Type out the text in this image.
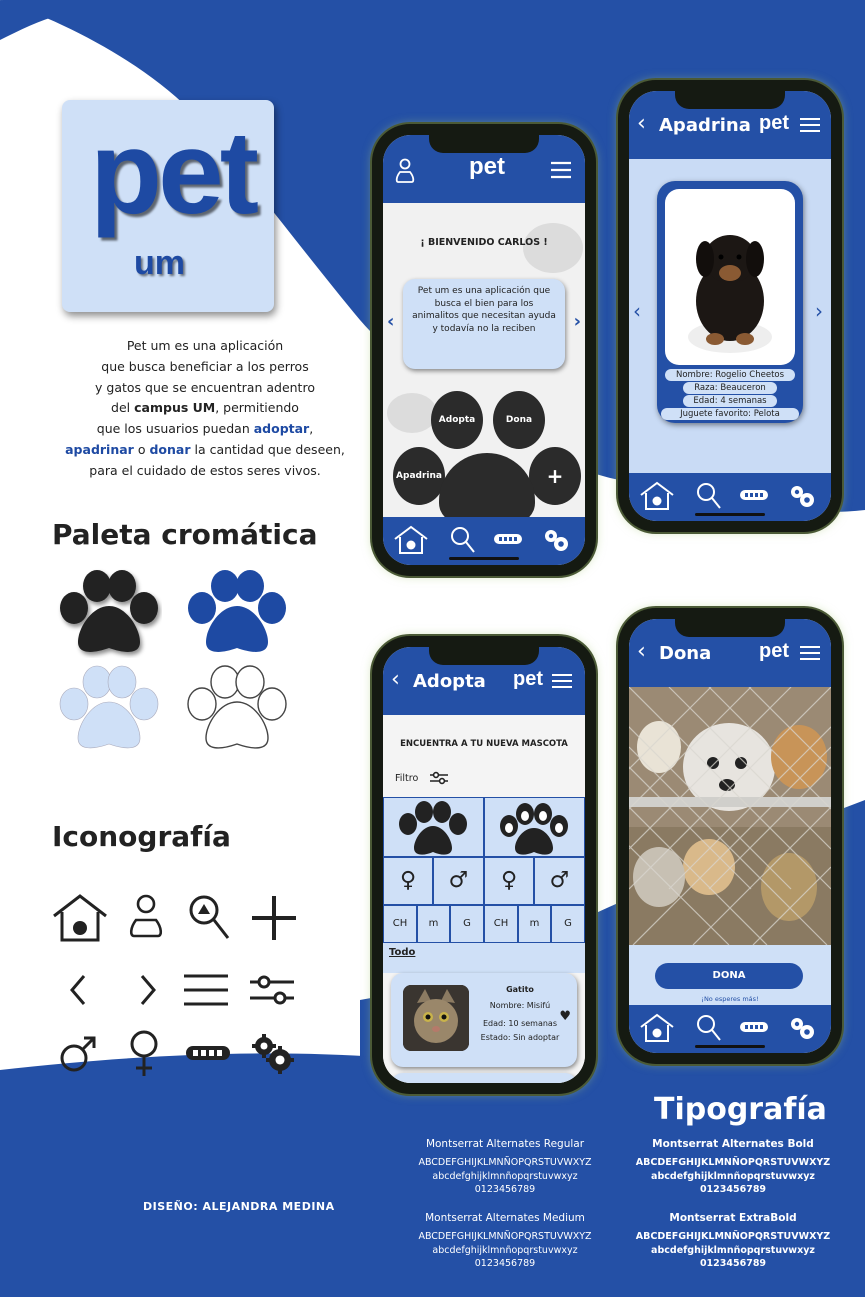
pet
um
Pet um es una aplicación
que busca beneficiar a los perros
y gatos que se encuentran adentro
del campus UM, permitiendo
que los usuarios puedan adoptar,
apadrinar o donar la cantidad que deseen,
para el cuidado de estos seres vivos.
Paleta cromática
Iconografía
DISEÑO: ALEJANDRA MEDINA
Tipografía
Montserrat Alternates Regular
ABCDEFGHIJKLMNÑOPQRSTUVWXYZ
abcdefghijklmnñopqrstuvwxyz
0123456789
Montserrat Alternates Medium
ABCDEFGHIJKLMNÑOPQRSTUVWXYZ
abcdefghijklmnñopqrstuvwxyz
0123456789
Montserrat Alternates Bold
ABCDEFGHIJKLMNÑOPQRSTUVWXYZ
abcdefghijklmnñopqrstuvwxyz
0123456789
Montserrat ExtraBold
ABCDEFGHIJKLMNÑOPQRSTUVWXYZ
abcdefghijklmnñopqrstuvwxyz
0123456789
pet
¡ BIENVENIDO CARLOS !
Pet um es una aplicación que busca el bien para los animalitos que necesitan ayuda y todavía no la reciben
‹	›
Adopta	Dona
Apadrina	+
‹ Apadrina pet
Nombre: Rogelio Cheetos
Raza: Beauceron
Edad: 4 semanas
Juguete favorito: Pelota
‹	›
‹ Adopta pet
ENCUENTRA A TU NUEVA MASCOTA
Filtro
♀	♂	♀	♂
CH	m	G	CH	m	G
Todo
Gatito
Nombre: Misifú
Edad: 10 semanas
Estado: Sin adoptar
♥
‹ Dona pet
DONA
¡No esperes más!
